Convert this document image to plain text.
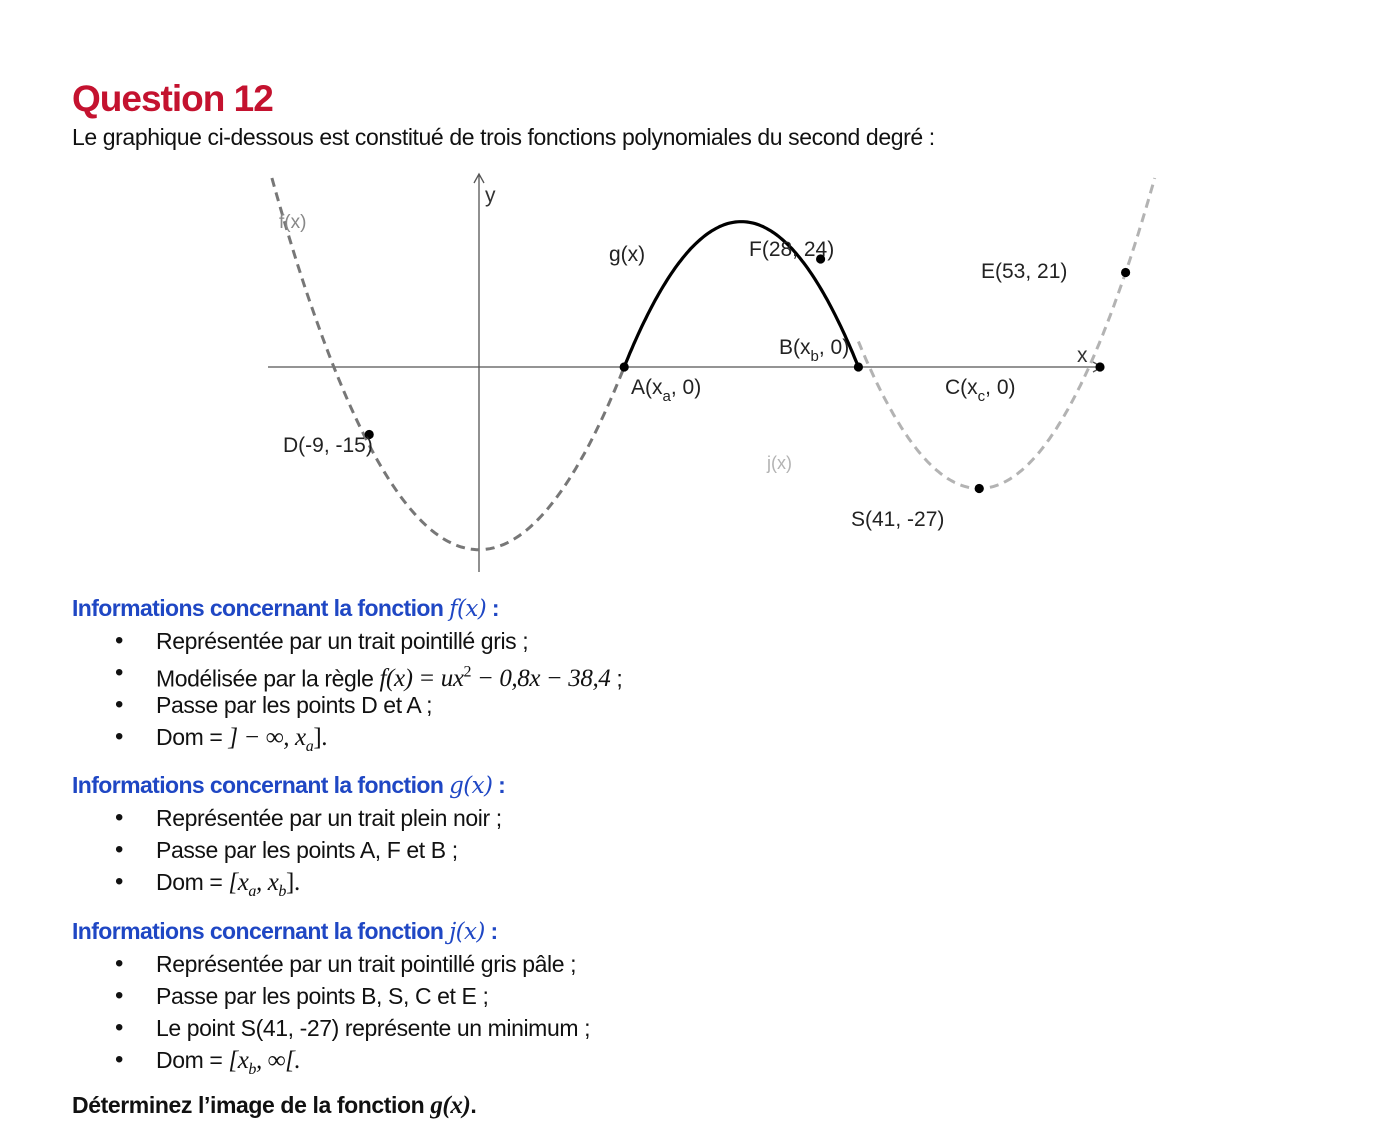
Question 12
Le graphique ci-dessous est constitué de trois fonctions polynomiales du second degré :
y
x
f(x)
g(x)
j(x)
F(28, 24)
E(53, 21)
D(-9, -15)
S(41, -27)
$B(x_b$, 0)
$A(x_a$, 0)	$C(x_c$, 0)

Informations concernant la fonction f(x) :

• Représentée par un trait pointillé gris ;
• Modélisée par la règle $f(x) = ux^2 - 0,8x - 38,4$ ;
• Passe par les points D et A ;
• Dom = ] − ∞, $x_a$].

Informations concernant la fonction g(x) :

• Représentée par un trait plein noir ;
• Passe par les points A, F et B ;
• Dom = [$x_a$, $x_b$].

Informations concernant la fonction j(x) :

• Représentée par un trait pointillé gris pâle ;
• Passe par les points B, S, C et E ;
• Le point S(41, -27) représente un minimum ;
• Dom = [$x_b$, ∞[.
Déterminez l’image de la fonction g(x).
